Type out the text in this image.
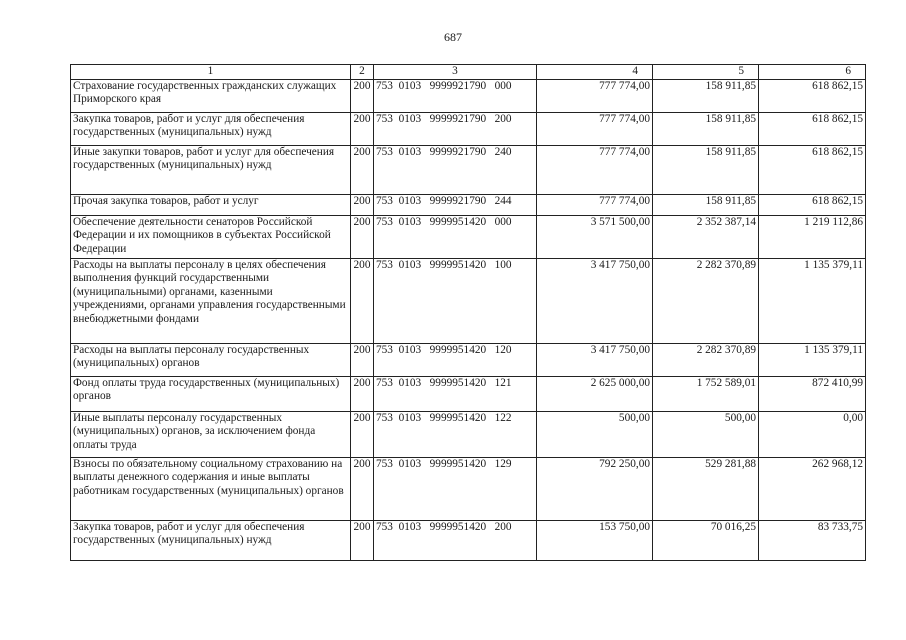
687
1	2	3	4	5	6
Страхование государственных гражданских служащих Приморского края	200	753  0103   9999921790   000	777 774,00	158 911,85	618 862,15
Закупка товаров, работ и услуг для обеспечения государственных (муниципальных) нужд	200	753  0103   9999921790   200	777 774,00	158 911,85	618 862,15
Иные закупки товаров, работ и услуг для обеспечения государственных (муниципальных) нужд	200	753  0103   9999921790   240	777 774,00	158 911,85	618 862,15
Прочая закупка товаров, работ и услуг	200	753  0103   9999921790   244	777 774,00	158 911,85	618 862,15
Обеспечение деятельности сенаторов Российской Федерации и их помощников в субъектах Российской Федерации	200	753  0103   9999951420   000	3 571 500,00	2 352 387,14	1 219 112,86
Расходы на выплаты персоналу в целях обеспечения выполнения функций государственными (муниципальными) органами, казенными учреждениями, органами управления государственными внебюджетными фондами	200	753  0103   9999951420   100	3 417 750,00	2 282 370,89	1 135 379,11
Расходы на выплаты персоналу государственных (муниципальных) органов	200	753  0103   9999951420   120	3 417 750,00	2 282 370,89	1 135 379,11
Фонд оплаты труда государственных (муниципальных) органов	200	753  0103   9999951420   121	2 625 000,00	1 752 589,01	872 410,99
Иные выплаты персоналу государственных (муниципальных) органов, за исключением фонда оплаты труда	200	753  0103   9999951420   122	500,00	500,00	0,00
Взносы по обязательному социальному страхованию на выплаты денежного содержания и иные выплаты работникам государственных (муниципальных) органов	200	753  0103   9999951420   129	792 250,00	529 281,88	262 968,12
Закупка товаров, работ и услуг для обеспечения государственных (муниципальных) нужд	200	753  0103   9999951420   200	153 750,00	70 016,25	83 733,75
